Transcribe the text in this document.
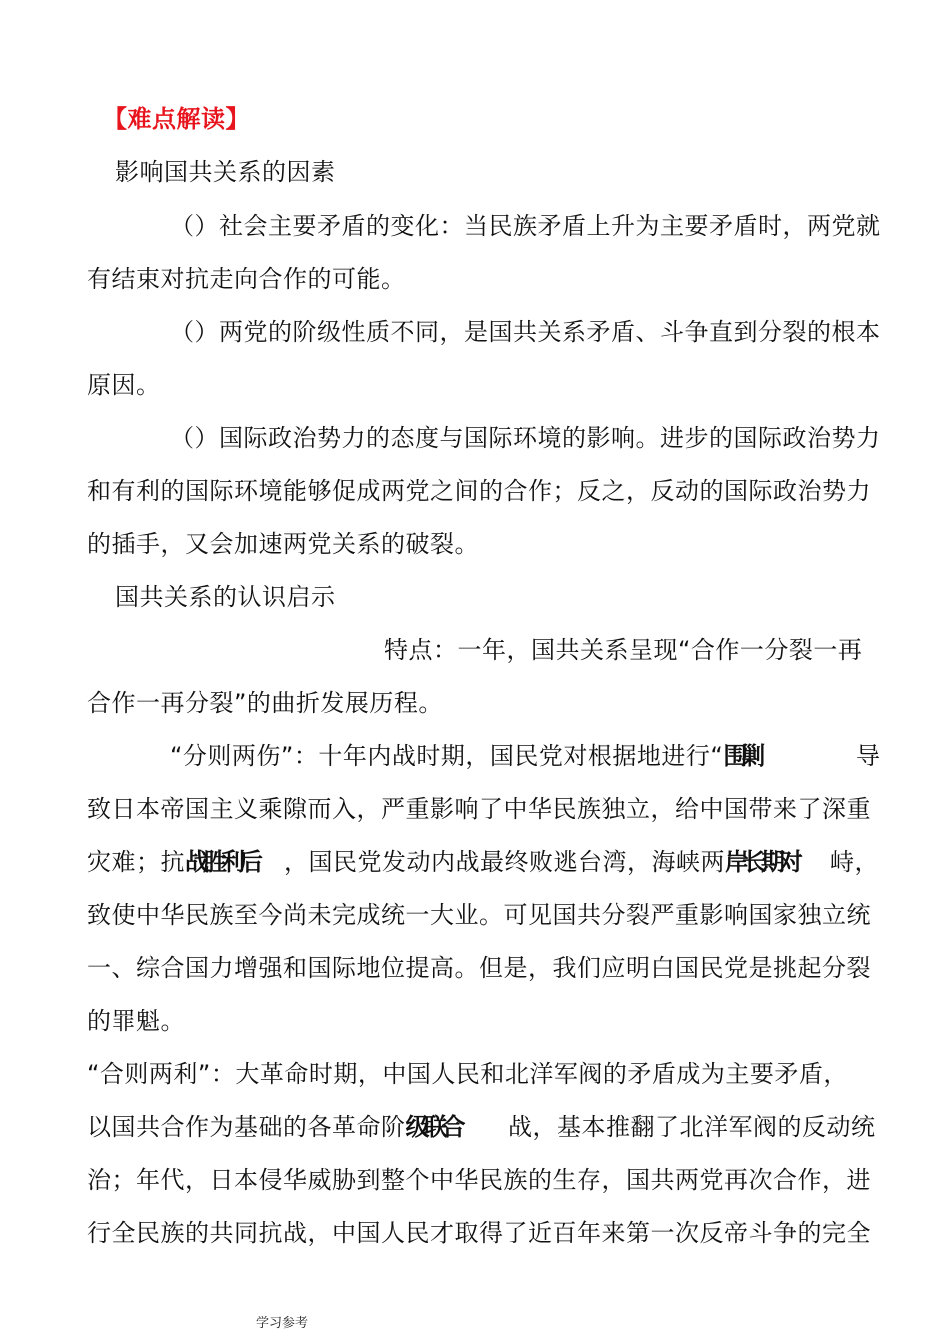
【难点解读】
影响国共关系的因素
（）社会主要矛盾的变化：当民族矛盾上升为主要矛盾时，两党就
有结束对抗走向合作的可能。
（）两党的阶级性质不同，是国共关系矛盾、斗争直到分裂的根本
原因。
（）国际政治势力的态度与国际环境的影响。进步的国际政治势力
和有利的国际环境能够促成两党之间的合作；反之，反动的国际政治势力
的插手，又会加速两党关系的破裂。
国共关系的认识启示
特点：一年，国共关系呈现“合作一分裂一再
合作一再分裂”的曲折发展历程。
“分则两伤”：十年内战时期，国民党对根据地进行“围剿	导
致日本帝国主义乘隙而入，严重影响了中华民族独立，给中国带来了深重
灾难；抗战胜利后 ，国民党发动内战最终败逃台湾，海峡两岸长期对 峙，
致使中华民族至今尚未完成统一大业。可见国共分裂严重影响国家独立统
一、综合国力增强和国际地位提高。但是，我们应明白国民党是挑起分裂
的罪魁。
“合则两利”：大革命时期，中国人民和北洋军阀的矛盾成为主要矛盾，
以国共合作为基础的各革命阶级联合 战，基本推翻了北洋军阀的反动统
治；年代，日本侵华威胁到整个中华民族的生存，国共两党再次合作，进
行全民族的共同抗战，中国人民才取得了近百年来第一次反帝斗争的完全
学习参考
